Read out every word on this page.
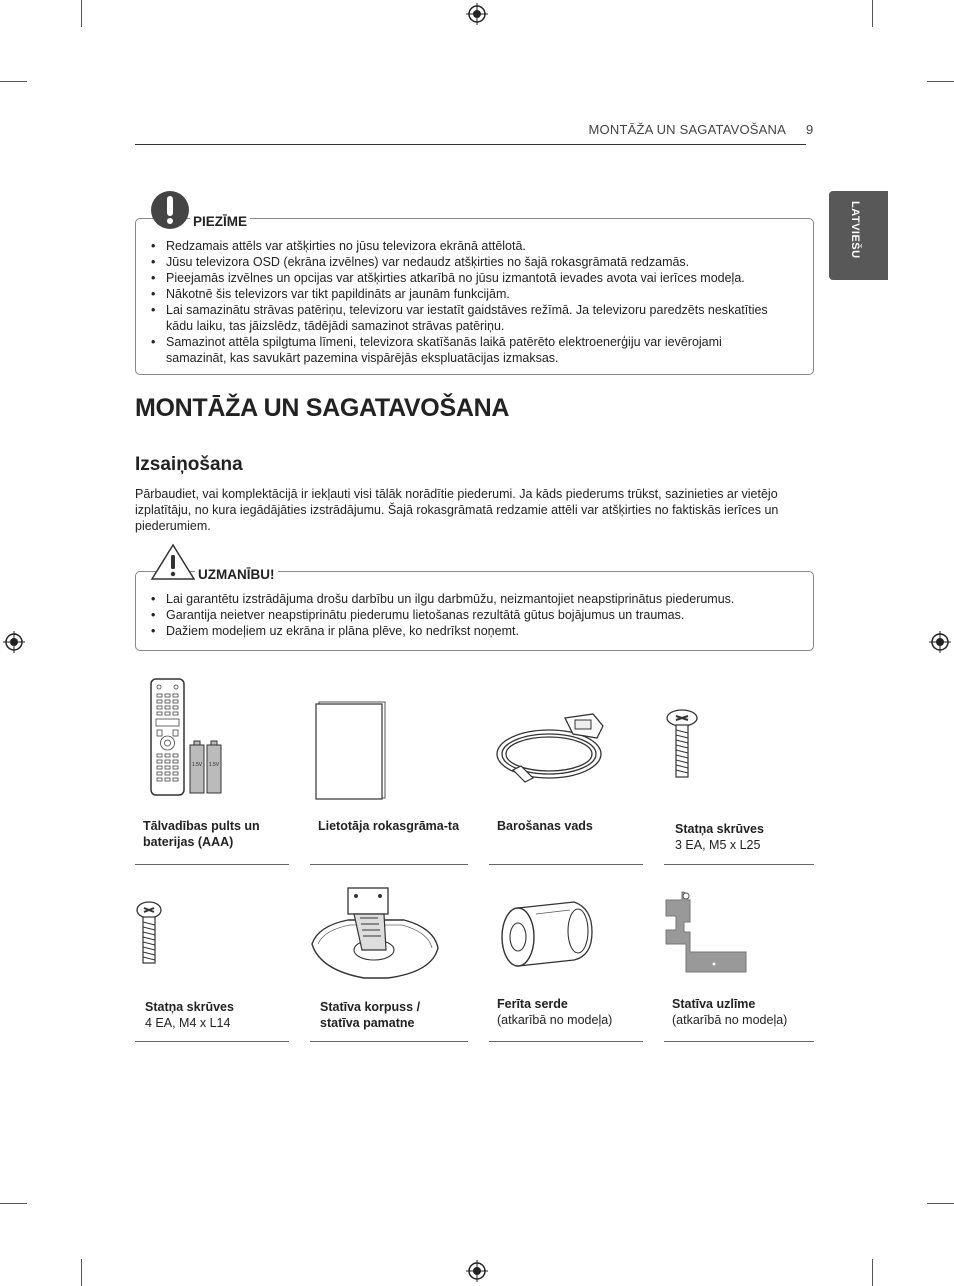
MONTĀŽA UN SAGATAVOŠANA 9
LATVIEŠU
• Redzamais attēls var atšķirties no jūsu televizora ekrānā attēlotā.
• Jūsu televizora OSD (ekrāna izvēlnes) var nedaudz atšķirties no šajā rokasgrāmatā redzamās.
• Pieejamās izvēlnes un opcijas var atšķirties atkarībā no jūsu izmantotā ievades avota vai ierīces modeļa.
• Nākotnē šis televizors var tikt papildināts ar jaunām funkcijām.
• Lai samazinātu strāvas patēriņu, televizoru var iestatīt gaidstāves režīmā. Ja televizoru paredzēts neskatīties kādu laiku, tas jāizslēdz, tādējādi samazinot strāvas patēriņu.
• Samazinot attēla spilgtuma līmeni, televizora skatīšanās laikā patērēto elektroenerģiju var ievērojami samazināt, kas savukārt pazemina vispārējās ekspluatācijas izmaksas.
PIEZĪME
MONTĀŽA UN SAGATAVOŠANA
Izsaiņošana
Pārbaudiet, vai komplektācijā ir iekļauti visi tālāk norādītie piederumi. Ja kāds piederums trūkst, sazinieties ar vietējo izplatītāju, no kura iegādājāties izstrādājumu. Šajā rokasgrāmatā redzamie attēli var atšķirties no faktiskās ierīces un piederumiem.
• Lai garantētu izstrādājuma drošu darbību un ilgu darbmūžu, neizmantojiet neapstiprinātus piederumus.
• Garantija neietver neapstiprinātu piederumu lietošanas rezultātā gūtus bojājumus un traumas.
• Dažiem modeļiem uz ekrāna ir plāna plēve, ko nedrīkst noņemt.
UZMANĪBU!
1.5V 1.5V
Tālvadības pults un baterijas (AAA)
Lietotāja rokasgrāma-ta	Barošanas vads	Statņa skrūves
3 EA, M5 x L25
Statņa skrūves
4 EA, M4 x L14
Statīva korpuss / statīva pamatne
Ferīta serde
(atkarībā no modeļa)
Statīva uzlīme
(atkarībā no modeļa)
